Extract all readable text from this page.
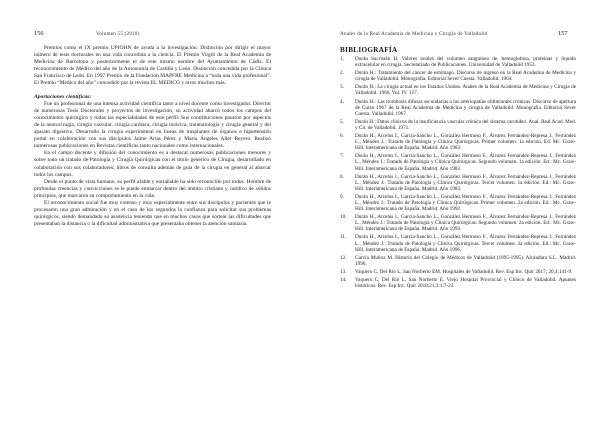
156	Volumen 55 (2018)

Premios como el IX premio UPIOHN de ayuda a la investigación. Distinción por dirigir el mayor número de tesis doctorales en una vida concedida a la ciencia. El Premio Virgili de la Real Academia de Medicina de Barcelona y posteriormente el de este mismo nombre del Ayuntamiento de Cádiz. El reconocimiento de Médico del año de la Autonomía de Castilla y León. Distinción concedida por la Clínica San Francisco de León. En 1997 Premio de la Fundación MAPFRE Medicina a “toda una vida profesional”. El Premio “Médico del año” concedido por la revista EL MEDICO y otros muchos más.

Aportaciones científicas:

Fue un profesional de una intensa actividad científica tanto a nivel docente como investigador. Director de numerosas Tesis Doctorales y proyectos de investigación, su actividad abarcó todos los campos del conocimiento quirúrgico y todas las especialidades de este perfil. Sus contribuciones pasaron por aspectos de la neurocirugía, cirugía vascular, cirugía cardiaca, cirugía torácica, traumatología y cirugía general y del aparato digestivo. Desarrolló la cirugía experimental en líneas de trasplantes de órganos e hipertensión portal en colaboración con sus discípulos Jaime Arias Pérez y María Ángeles Aller Reyero. Realizó numerosas publicaciones en Revistas científicas tanto nacionales como internacionales.

En el campo docente y difusión del conocimiento es a destacar numerosas publicaciones menores y sobre todo un tratado de Patología y Cirugía Quirúrgicas con el título genérico de Cirugía, desarrollado en colaboración con sus colaboradores; libros de consulta además de guía de la cirugía en general al abarcar todos los campos.

Desde el punto de vista humano, su perfil afable y entrañable ha sido reconocido por todos. Hombre de profundas creencias y convicciones se le puede enmarcar dentro del ámbito cristiano y católico de sólidos principios, que marcaron su comportamiento en la vida.

El reconocimiento social fue muy extenso y muy especialmente entre sus discípulos y pacientes que le procesaron una gran admiración y en el caso de los segundos la confianza para solicitar sus problemas quirúrgicos, siendo demandado su asistencia teniendo que en muchos casos que sortear las dificultades que presentaban la distancia o la dificultad administrativa que presentaba obtener la atención sanitaria.

Anales de la Real Academia de Medicina y Cirugía de Valladolid	157
BIBLIOGRAFÍA
1. Durán Sacristán H. Valores totales del volumen sanguíneo de, hemoglobina, proteínas y líquido extracelular en cirugía. Secretariado de Publicaciones. Universidad de Valladolid 1953.
2. Durán H.: Tratamiento del cáncer de estómago. Discurso de ingreso en la Real Academia de Medicina y cirugía de Valladolid. Monografía. Editorial Sever Cuesta. Valladolid. 1964.
3. Durán H.: La cirugía actual en los Estados Unidos. Anales de la Real Academia de Medicina y Cirugía de Valladolid. 1966, Vol. IV. 127.
4. Durán H.: Las trombosis difusas secundarias a las arteriopatías obliterantes crónicas. Discurso de apertura de Curso 1967 de la Real Academia de Medicina y cirugía de Valladolid. Monografía. Editorial Sever Cuesta. Valladolid. 1967.
5. Durán H.: Datos clínicos de la insuficiencia vascular crónica del sistema carotídeo. Anal. Real Acad. Med. y Cir. de Valladolid. 1971.
6. Durán H., Arcelus I., García-Sancho L., González Hermoso F., Álvarez Fernández-Represa J., Ferrández L., Méndez J.: Tratado de Patología y Clínica Quirúrgicas. Primer volumen. 1a edición. Ed. Mc. Graw-Hill. Interamericana de España. Madrid. Año 1983.
7. Durán H., Arcelus I., García-Sancho L., González Hermoso F., Álvarez Fernández-Represa J., Ferrández L., Méndez J.: Tratado de Patología y Clínica Quirúrgicas. Segundo volumen. 1a edición. Ed.: Mc. Graw-Hill. Interamericana de España. Madrid. Año 1983.
8. Durán H., Arcelus I., García-Sancho L., González Hermoso F., Álvarez Fernández-Represa J., Ferrández L., Méndez J.: Tratado de Patología y Clínica Quirúrgicas. Tercer volumen. 1a edición. Ed.: Mc. Graw-Hill. Interamericana de España. Madrid. Año 1983.
9. Durán H., Arcelus I., García-Sancho L., González Hermoso F., Álvarez Fernández-Represa J., Ferrández L., Méndez J.: Tratado de Patología y Clínica Quirúrgicas. Primer volumen. 2a edición. Ed.: Mc. Graw-Hill. Interamericana de España. Madrid. Año 1992.
10. Durán H., Arcelus I., García-Sancho L., González Hermoso F., Álvarez Fernández-Represa J., Ferrández L., Méndez J.: Tratado de Patología y Clínica Quirúrgicas. Segundo volumen. 2a edición. Ed.: Mc. Graw-Hill. Interamericana de España. Madrid. Año 1993.
11. Durán H., Arcelus I., García-Sancho L., González Hermoso F., Álvarez Fernández-Represa J., Ferrández L., Méndez J.: Tratado de Patología y Clínica Quirúrgicas. Tercer volumen. 2a edición. Ed.: Mc. Graw-Hill. Interamericana de España. Madrid. Año 1996.
12. García Muñoz M. Historia del Colegio de Médicos de Valladolid (1895-1995). Alcándara S.L. Madrid. 1996.
13. Vaquero C, Del Río L, San Norberto EM. Hospitales de Valladolid. Rev. Esp Inv. Quir 2017; 20,4:141-9.
14. Vaquero C, Del Río L, San Norberto E. Viejo Hospital Provincial y Clínico de Valladolid. Apuntes históricos. Rev. Esp Inv. Quir 2018;21,3:1:7-23.
